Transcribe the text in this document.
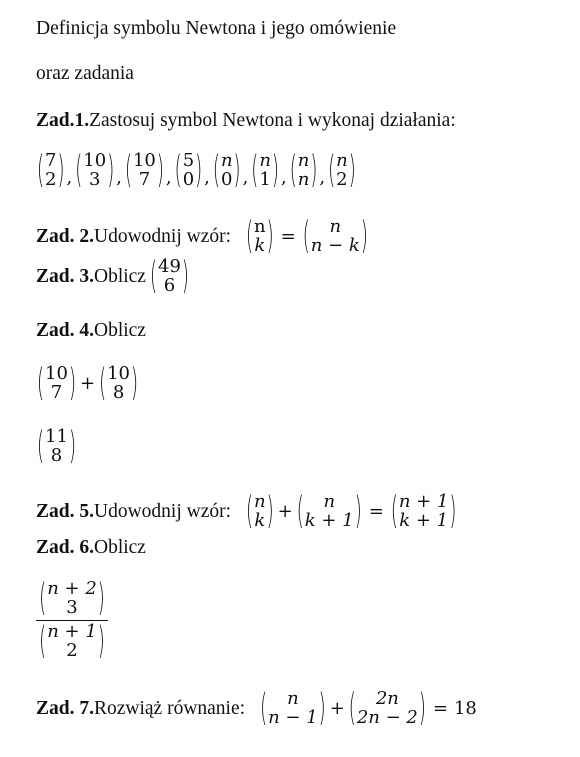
Definicja symbolu Newtona i jego omówienie
oraz zadania
Zad.1. Zastosuj symbol Newtona i wykonaj działania:
( 7
2 ) , ( 10
3 ) , ( 10
7 ) , ( 5
0 ) , ( n
0 ) , ( n
1 ) , ( n
n ) , ( n
2 )
Zad. 2. Udowodnij wzór: ( n
k ) = ( n
n − k )
Zad. 3. Oblicz ( 49
6 )
Zad. 4. Oblicz
( 10
7 ) + ( 10
8 )
( 11
8 )
Zad. 5. Udowodnij wzór: ( n
k ) + ( n
k + 1 ) = ( n + 1
k + 1 )
Zad. 6. Oblicz
( n + 2
3 )
( n + 1
2 )
Zad. 7. Rozwiąż równanie: ( n
n − 1 ) + ( 2n
2n − 2 ) = 18
